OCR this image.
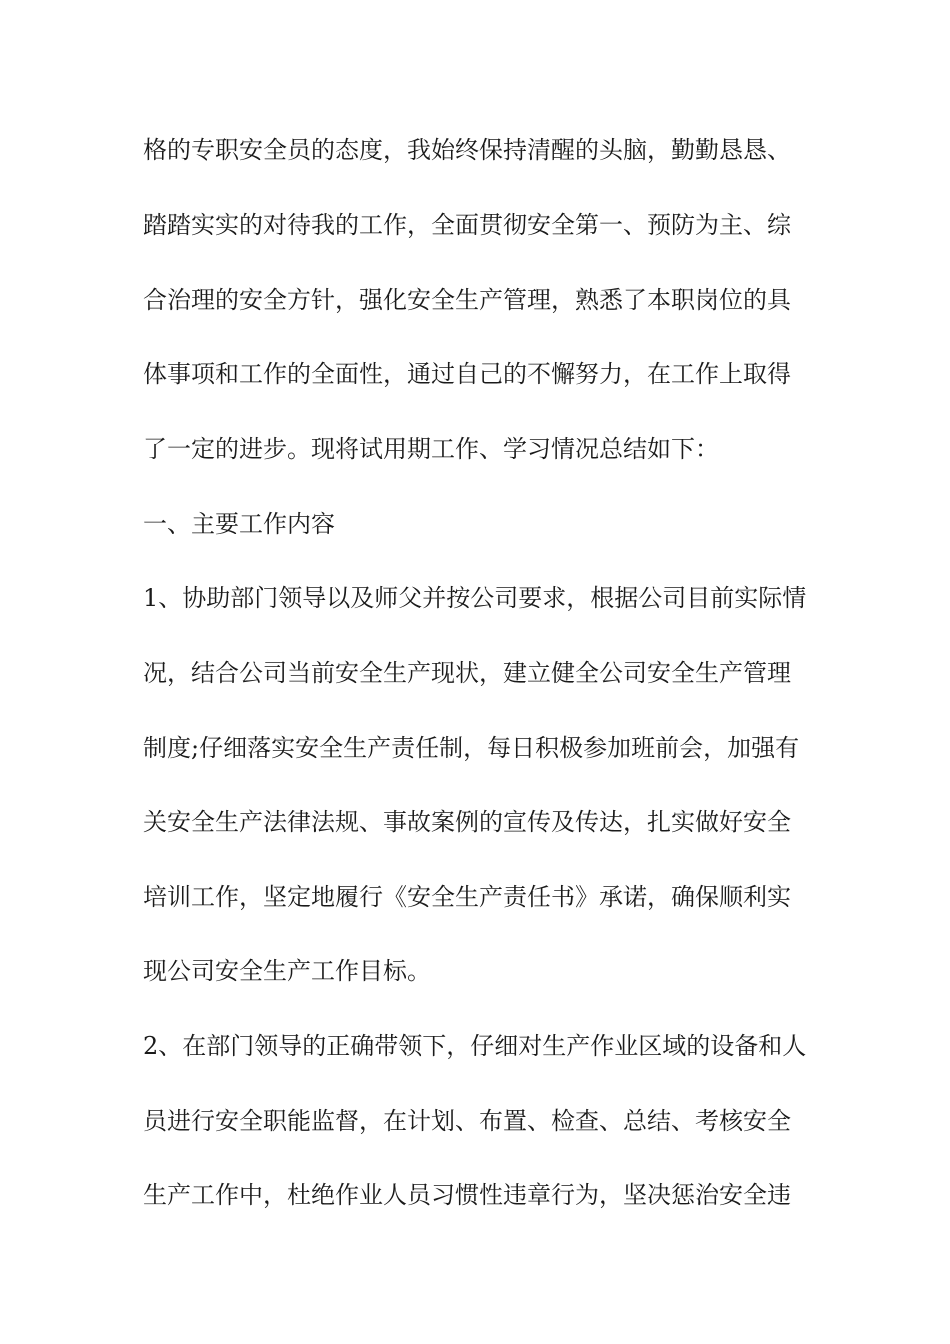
格的专职安全员的态度，我始终保持清醒的头脑，勤勤恳恳、
踏踏实实的对待我的工作，全面贯彻安全第一、预防为主、综
合治理的安全方针，强化安全生产管理，熟悉了本职岗位的具
体事项和工作的全面性，通过自己的不懈努力，在工作上取得
了一定的进步。现将试用期工作、学习情况总结如下：
一、主要工作内容
1、协助部门领导以及师父并按公司要求，根据公司目前实际情
况，结合公司当前安全生产现状，建立健全公司安全生产管理
制度;仔细落实安全生产责任制，每日积极参加班前会，加强有
关安全生产法律法规、事故案例的宣传及传达，扎实做好安全
培训工作，坚定地履行《安全生产责任书》承诺，确保顺利实
现公司安全生产工作目标。
2、在部门领导的正确带领下，仔细对生产作业区域的设备和人
员进行安全职能监督，在计划、布置、检查、总结、考核安全
生产工作中，杜绝作业人员习惯性违章行为，坚决惩治安全违
